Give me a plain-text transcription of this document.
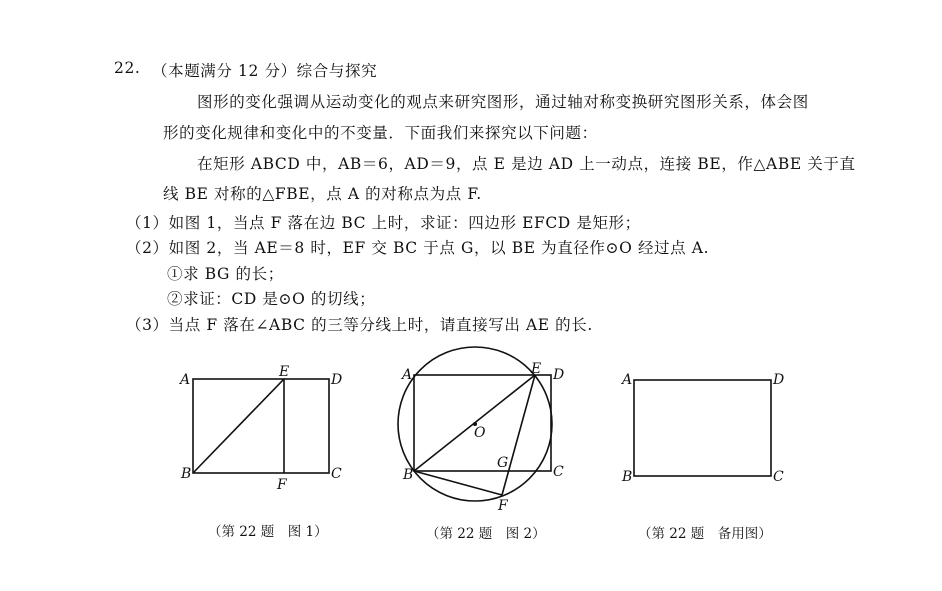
22. （本题满分 12 分）综合与探究
图形的变化强调从运动变化的观点来研究图形，通过轴对称变换研究图形关系，体会图
形的变化规律和变化中的不变量．下面我们来探究以下问题：
在矩形 ABCD 中，AB＝6，AD＝9，点 E 是边 AD 上一动点，连接 BE，作△ABE 关于直
线 BE 对称的△FBE，点 A 的对称点为点 F.
（1）如图 1，当点 F 落在边 BC 上时，求证：四边形 EFCD 是矩形；
（2）如图 2，当 AE＝8 时，EF 交 BC 于点 G，以 BE 为直径作⊙O 经过点 A.
①求 BG 的长；
②求证：CD 是⊙O 的切线；
（3）当点 F 落在∠ABC 的三等分线上时，请直接写出 AE 的长.
A	E	D
B
F
C
A	E D
O
G
B	C
F
A	D
B	C
（第 22 题　图 1）	（第 22 题　图 2）	（第 22 题　备用图）
